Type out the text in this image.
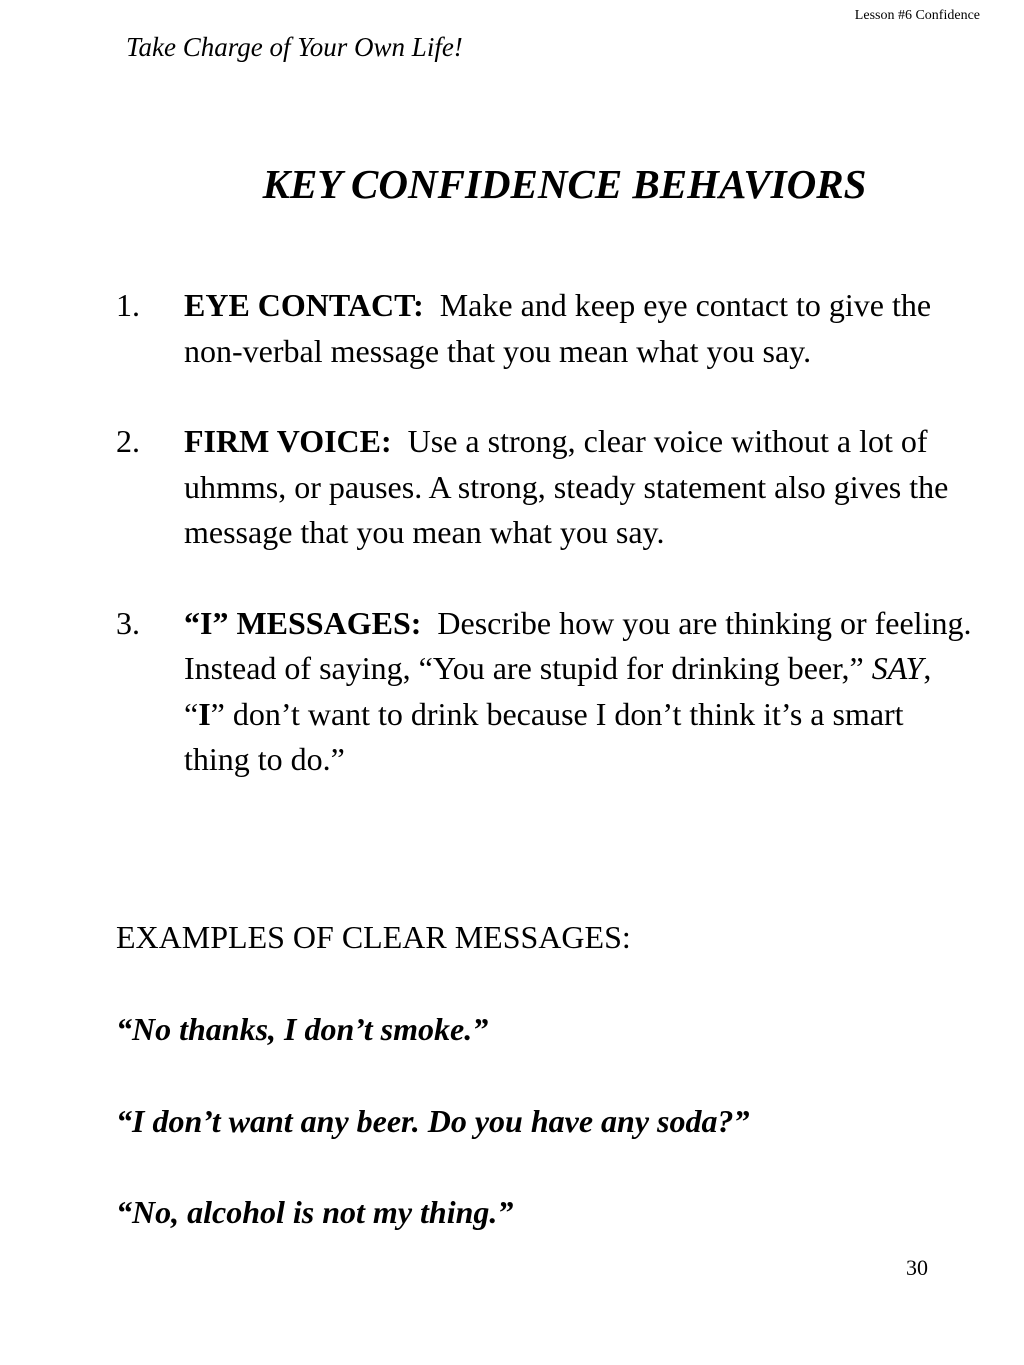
Lesson #6 Confidence
Take Charge of Your Own Life!
KEY CONFIDENCE BEHAVIORS
1. EYE CONTACT: Make and keep eye contact to give the non-verbal message that you mean what you say.
2. FIRM VOICE: Use a strong, clear voice without a lot of uhmms, or pauses. A strong, steady statement also gives the message that you mean what you say.
3. “I” MESSAGES: Describe how you are thinking or feeling. Instead of saying, “You are stupid for drinking beer,” SAY, “I” don’t want to drink because I don’t think it’s a smart thing to do.”
EXAMPLES OF CLEAR MESSAGES:
“No thanks, I don’t smoke.”
“I don’t want any beer. Do you have any soda?”
“No, alcohol is not my thing.”
30
